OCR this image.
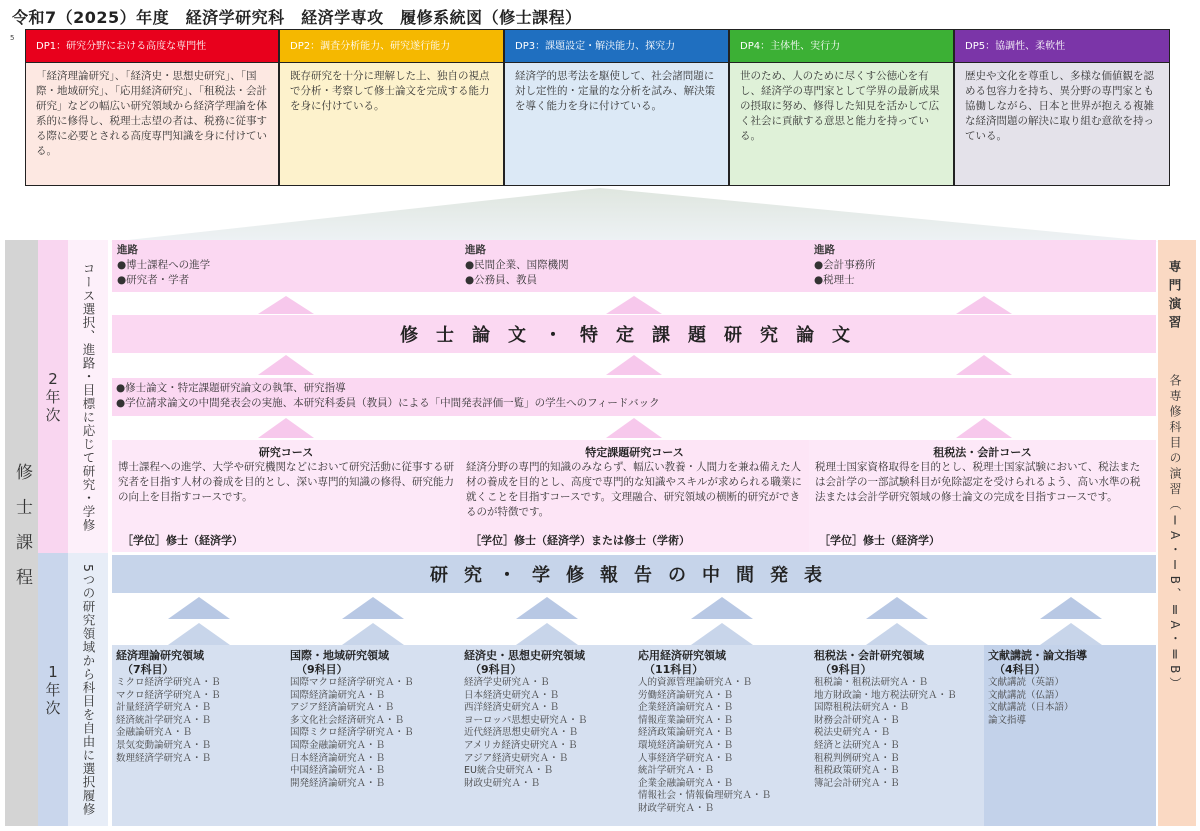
令和7（2025）年度　経済学研究科　経済学専攻　履修系統図（修士課程）
5
DP1：研究分野における高度な専門性
「経済理論研究」、「経済史・思想史研究」、「国際・地域研究」、「応用経済研究」、「租税法・会計研究」などの幅広い研究領域から経済学理論を体系的に修得し、税理士志望の者は、税務に従事する際に必要とされる高度専門知識を身に付けている。
DP2：調査分析能力、研究遂行能力
既存研究を十分に理解した上、独自の視点で分析・考察して修士論文を完成する能力を身に付けている。
DP3：課題設定・解決能力、探究力
経済学的思考法を駆使して、社会諸問題に対し定性的・定量的な分析を試み、解決策を導く能力を身に付けている。
DP4：主体性、実行力
世のため、人のために尽くす公徳心を有し、経済学の専門家として学界の最新成果の摂取に努め、修得した知見を活かして広く社会に貢献する意思と能力を持っている。
DP5：協調性、柔軟性
歴史や文化を尊重し、多様な価値観を認める包容力を持ち、異分野の専門家とも協働しながら、日本と世界が抱える複雑な経済問題の解決に取り組む意欲を持っている。
修士課程
2年次 コース選択、進路・目標に応じて研究・学修
1年次 5つの研究領域から科目を自由に選択履修
専門演習
各専修科目の演習（ⅠA・ⅠB、ⅡA・ⅡB）
進路
●博士課程への進学
●研究者・学者
進路
●民間企業、国際機関
●公務員、教員
進路
●会計事務所
●税理士
修士論文・特定課題研究論文
●修士論文・特定課題研究論文の執筆、研究指導
●学位請求論文の中間発表会の実施、本研究科委員（教員）による「中間発表評価一覧」の学生へのフィードバック
研究コース
博士課程への進学、大学や研究機関などにおいて研究活動に従事する研究者を目指す人材の養成を目的とし、深い専門的知識の修得、研究能力の向上を目指すコースです。
［学位］修士（経済学）
特定課題研究コース
経済分野の専門的知識のみならず、幅広い教養・人間力を兼ね備えた人材の養成を目的とし、高度で専門的な知識やスキルが求められる職業に就くことを目指すコースです。文理融合、研究領域の横断的研究ができるのが特徴です。
［学位］修士（経済学）または修士（学術）
租税法・会計コース
税理士国家資格取得を目的とし、税理士国家試験において、税法または会計学の一部試験科目が免除認定を受けられるよう、高い水準の税法または会計学研究領域の修士論文の完成を目指すコースです。
［学位］修士（経済学）
研究・学修報告の中間発表
経済理論研究領域
（7科目）
ミクロ経済学研究Ａ・Ｂ
マクロ経済学研究Ａ・Ｂ
計量経済学研究Ａ・Ｂ
経済統計学研究Ａ・Ｂ
金融論研究Ａ・Ｂ
景気変動論研究Ａ・Ｂ
数理経済学研究Ａ・Ｂ
国際・地域研究領域
（9科目）
国際マクロ経済学研究Ａ・Ｂ
国際経済論研究Ａ・Ｂ
アジア経済論研究Ａ・Ｂ
多文化社会経済研究Ａ・Ｂ
国際ミクロ経済学研究Ａ・Ｂ
国際金融論研究Ａ・Ｂ
日本経済論研究Ａ・Ｂ
中国経済論研究Ａ・Ｂ
開発経済論研究Ａ・Ｂ
経済史・思想史研究領域
（9科目）
経済学史研究Ａ・Ｂ
日本経済史研究Ａ・Ｂ
西洋経済史研究Ａ・Ｂ
ヨーロッパ思想史研究Ａ・Ｂ
近代経済思想史研究Ａ・Ｂ
アメリカ経済史研究Ａ・Ｂ
アジア経済史研究Ａ・Ｂ
EU統合史研究Ａ・Ｂ
財政史研究Ａ・Ｂ
応用経済研究領域
（11科目）
人的資源管理論研究Ａ・Ｂ
労働経済論研究Ａ・Ｂ
企業経済論研究Ａ・Ｂ
情報産業論研究Ａ・Ｂ
経済政策論研究Ａ・Ｂ
環境経済論研究Ａ・Ｂ
人事経済学研究Ａ・Ｂ
統計学研究Ａ・Ｂ
企業金融論研究Ａ・Ｂ
情報社会・情報倫理研究Ａ・Ｂ
財政学研究Ａ・Ｂ
租税法・会計研究領域
（9科目）
租税論・租税法研究Ａ・Ｂ
地方財政論・地方税法研究Ａ・Ｂ
国際租税法研究Ａ・Ｂ
財務会計研究Ａ・Ｂ
税法史研究Ａ・Ｂ
経済と法研究Ａ・Ｂ
租税判例研究Ａ・Ｂ
租税政策研究Ａ・Ｂ
簿記会計研究Ａ・Ｂ
文献講読・論文指導
（4科目）
文献講読（英語）
文献講読（仏語）
文献講読（日本語）
論文指導
